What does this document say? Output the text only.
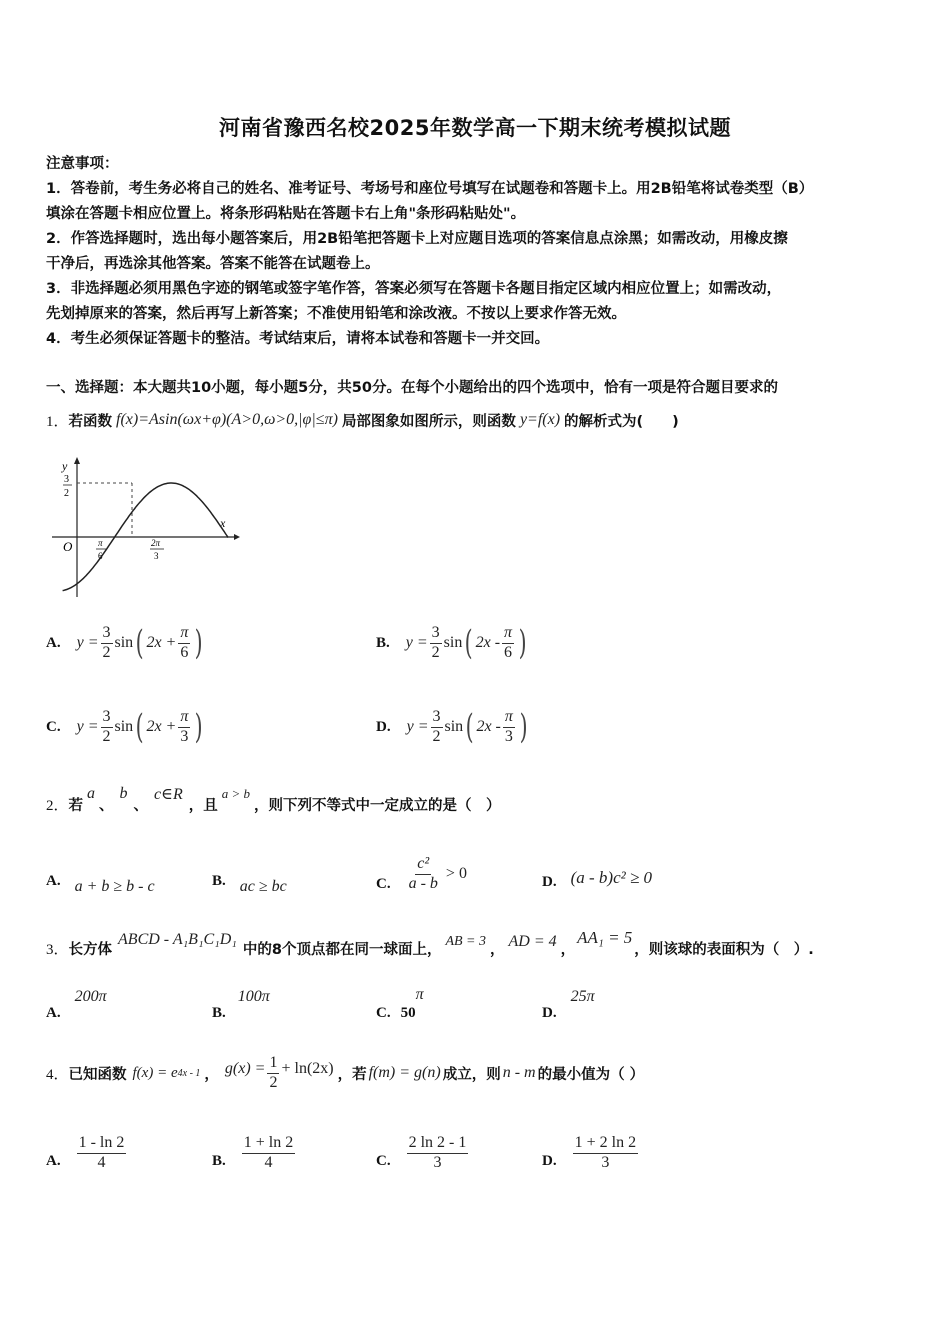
河南省豫西名校2025年数学高一下期末统考模拟试题
注意事项：
1．答卷前，考生务必将自己的姓名、准考证号、考场号和座位号填写在试题卷和答题卡上。用2B铅笔将试卷类型（B）
填涂在答题卡相应位置上。将条形码粘贴在答题卡右上角"条形码粘贴处"。
2．作答选择题时，选出每小题答案后，用2B铅笔把答题卡上对应题目选项的答案信息点涂黑；如需改动，用橡皮擦
干净后，再选涂其他答案。答案不能答在试题卷上。
3．非选择题必须用黑色字迹的钢笔或签字笔作答，答案必须写在答题卡各题目指定区域内相应位置上；如需改动，
先划掉原来的答案，然后再写上新答案；不准使用铅笔和涂改液。不按以上要求作答无效。
4．考生必须保证答题卡的整洁。考试结束后，请将本试卷和答题卡一并交回。
一、选择题：本大题共10小题，每小题5分，共50分。在每个小题给出的四个选项中，恰有一项是符合题目要求的
1． 若函数 f(x)=Asin(ωx+φ)(A>0,ω>0,|φ|≤π) 局部图象如图所示，则函数 y=f(x) 的解析式为(　　)
y
x
O
3
2
π
6
2π
3
A. $y = \frac{3}{2}$ sin ( $2x + \frac{\pi}{6}$ )	B. $y = \frac{3}{2}$ sin ( $2x - \frac{\pi}{6}$ )
C. $y = \frac{3}{2}$ sin ( $2x + \frac{\pi}{3}$ )	D. $y = \frac{3}{2}$ sin ( $2x - \frac{\pi}{3}$ )
2． 若
a
、
b
、
c∈R
，且
a > b
，则下列不等式中一定成立的是（　）
A. a + b ≥ b - c	B. ac ≥ bc	C. $\frac{\text{c²}}{a - b} > 0$	D. (a - b)c² ≥ 0
3． 长方体
ABCD - A₁B₁C₁D₁
中的8个顶点都在同一球面上， AB = 3 ， AD = 4 ，
AA₁ = 5
，则该球的表面积为（　）.
A.
200π
B.
100π
C. 50
π
D.
25π
4． 已知函数 f(x) = e 4x - 1 ， $g(x) = \frac{1}{2} + \ln(2x)$ ，若 f(m) = g(n) 成立，则 n - m 的最小值为（ ）
A. $\frac{1 - \ln 2}{4}$	B. $\frac{1 + \ln 2}{4}$	C. $\frac{2 \ln 2 - 1}{3}$	D. $\frac{1 + 2 \ln 2}{3}$
